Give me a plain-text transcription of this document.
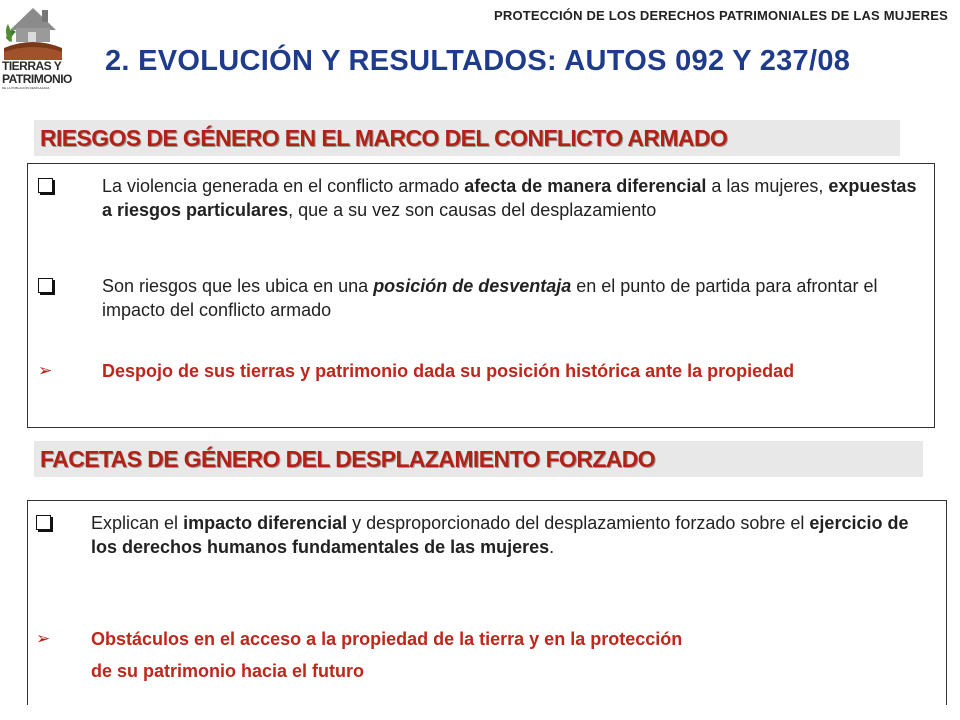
TIERRAS Y
PATRIMONIO
DE LA POBLACIÓN DESPLAZADA
PROTECCIÓN DE LOS DERECHOS PATRIMONIALES DE LAS MUJERES
2. EVOLUCIÓN Y RESULTADOS: AUTOS 092 Y 237/08
RIESGOS DE GÉNERO EN EL MARCO DEL CONFLICTO ARMADO
La violencia generada en el conflicto armado afecta de manera diferencial a las mujeres, expuestas a riesgos particulares, que a su vez son causas del desplazamiento
Son riesgos que les ubica en una posición de desventaja en el punto de partida para afrontar el impacto del conflicto armado
➢	Despojo de sus tierras y patrimonio dada su posición histórica ante la propiedad
FACETAS DE GÉNERO DEL DESPLAZAMIENTO FORZADO
Explican el impacto diferencial y desproporcionado del desplazamiento forzado sobre el ejercicio de los derechos humanos fundamentales de las mujeres.
➢ Obstáculos en el acceso a la propiedad de la tierra y en la protección
de su patrimonio hacia el futuro
